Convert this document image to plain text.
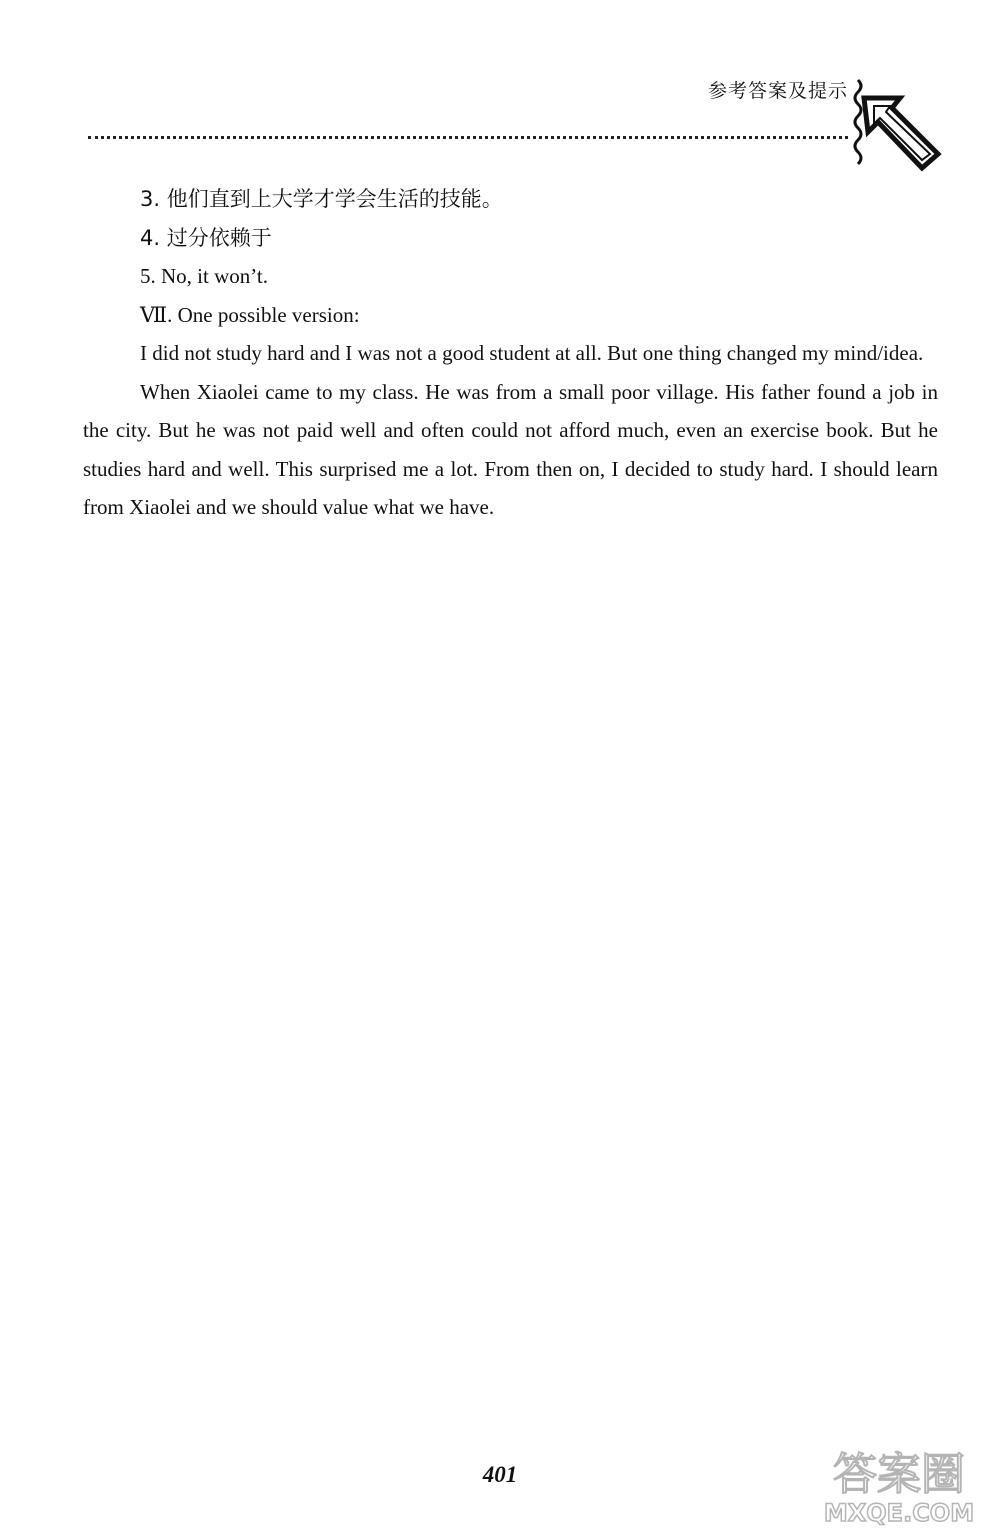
参考答案及提示

3. 他们直到上大学才学会生活的技能。

4. 过分依赖于

5. No, it won’t.

Ⅶ. One possible version:

I did not study hard and I was not a good student at all. But one thing changed my mind/idea.

When Xiaolei came to my class. He was from a small poor village. His father found a job in the city. But he was not paid well and often could not afford much, even an exercise book. But he studies hard and well. This surprised me a lot. From then on, I decided to study hard. I should learn from Xiaolei and we should value what we have.

401	答案圈
MXQE.COM
